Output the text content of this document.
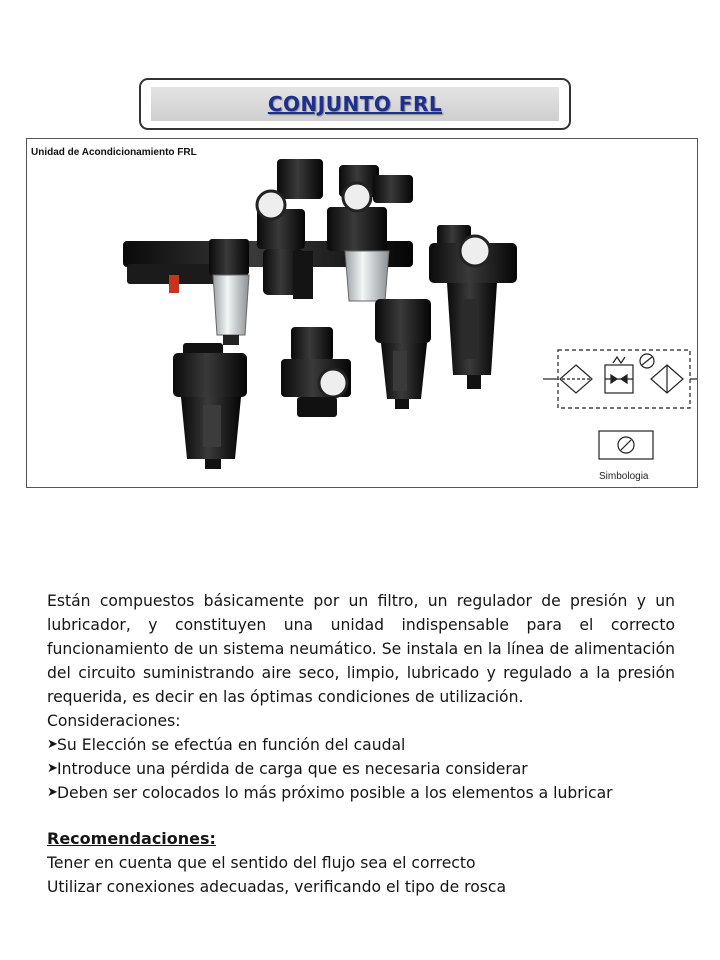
CONJUNTO FRL
Unidad de Acondicionamiento FRL
Simbologia

Están compuestos básicamente por un filtro, un regulador de presión y un lubricador, y constituyen una unidad indispensable para el correcto funcionamiento de un sistema neumático. Se instala en la línea de alimentación del circuito suministrando aire seco, limpio, lubricado y regulado a la presión requerida, es decir en las óptimas condiciones de utilización.

Consideraciones:

➤ Su Elección se efectúa en función del caudal
➤ Introduce una pérdida de carga que es necesaria considerar
➤ Deben ser colocados lo más próximo posible a los elementos a lubricar

Recomendaciones:

Tener en cuenta que el sentido del flujo sea el correcto

Utilizar conexiones adecuadas, verificando el tipo de rosca
